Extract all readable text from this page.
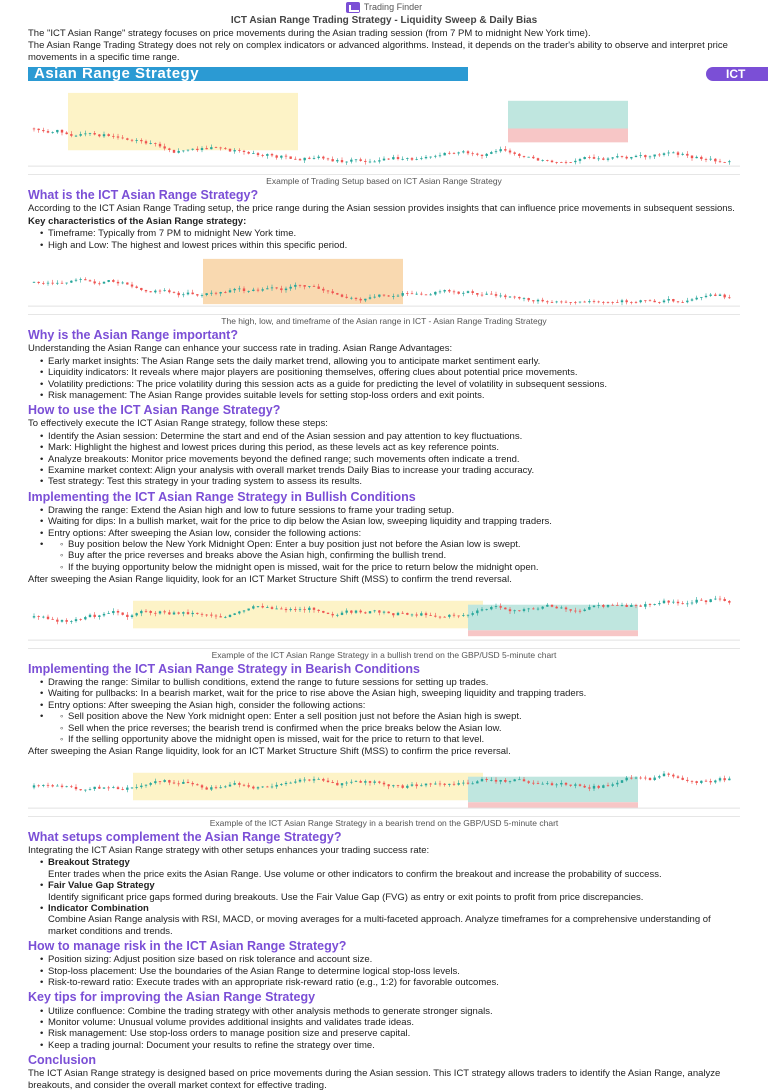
Trading Finder
ICT Asian Range Trading Strategy - Liquidity Sweep & Daily Bias

The "ICT Asian Range" strategy focuses on price movements during the Asian trading session (from 7 PM to midnight New York time).

The Asian Range Trading Strategy does not rely on complex indicators or advanced algorithms. Instead, it depends on the trader's ability to observe and interpret price movements in a specific time range.

Asian Range Strategy	ICT
Example of Trading Setup based on ICT Asian Range Strategy
What is the ICT Asian Range Strategy?

According to the ICT Asian Range Trading setup, the price range during the Asian session provides insights that can influence price movements in subsequent sessions.

Key characteristics of the Asian Range strategy:

• Timeframe: Typically from 7 PM to midnight New York time.
• High and Low: The highest and lowest prices within this specific period.
The high, low, and timeframe of the Asian range in ICT - Asian Range Trading Strategy
Why is the Asian Range important?

Understanding the Asian Range can enhance your success rate in trading. Asian Range Advantages:

• Early market insights: The Asian Range sets the daily market trend, allowing you to anticipate market sentiment early.
• Liquidity indicators: It reveals where major players are positioning themselves, offering clues about potential price movements.
• Volatility predictions: The price volatility during this session acts as a guide for predicting the level of volatility in subsequent sessions.
• Risk management: The Asian Range provides suitable levels for setting stop-loss orders and exit points.
How to use the ICT Asian Range Strategy?

To effectively execute the ICT Asian Range strategy, follow these steps:

• Identify the Asian session: Determine the start and end of the Asian session and pay attention to key fluctuations.
• Mark: Highlight the highest and lowest prices during this period, as these levels act as key reference points.
• Analyze breakouts: Monitor price movements beyond the defined range; such movements often indicate a trend.
• Examine market context: Align your analysis with overall market trends Daily Bias to increase your trading accuracy.
• Test strategy: Test this strategy in your trading system to assess its results.
Implementing the ICT Asian Range Strategy in Bullish Conditions
• Drawing the range: Extend the Asian high and low to future sessions to frame your trading setup.
• Waiting for dips: In a bullish market, wait for the price to dip below the Asian low, sweeping liquidity and trapping traders.
• Entry options: After sweeping the Asian low, consider the following actions:
◦ • Buy position below the New York Midnight Open: Enter a buy position just not before the Asian low is swept.
◦ Buy after the price reverses and breaks above the Asian high, confirming the bullish trend.
◦ If the buying opportunity below the midnight open is missed, wait for the price to return below the midnight open.

After sweeping the Asian Range liquidity, look for an ICT Market Structure Shift (MSS) to confirm the trend reversal.

Example of the ICT Asian Range Strategy in a bullish trend on the GBP/USD 5-minute chart
Implementing the ICT Asian Range Strategy in Bearish Conditions
• Drawing the range: Similar to bullish conditions, extend the range to future sessions for setting up trades.
• Waiting for pullbacks: In a bearish market, wait for the price to rise above the Asian high, sweeping liquidity and trapping traders.
• Entry options: After sweeping the Asian high, consider the following actions:
◦ • Sell position above the New York midnight open: Enter a sell position just not before the Asian high is swept.
◦ Sell when the price reverses; the bearish trend is confirmed when the price breaks below the Asian low.
◦ If the selling opportunity above the midnight open is missed, wait for the price to return to that level.

After sweeping the Asian Range liquidity, look for an ICT Market Structure Shift (MSS) to confirm the price reversal.

Example of the ICT Asian Range Strategy in a bearish trend on the GBP/USD 5-minute chart
What setups complement the Asian Range Strategy?

Integrating the ICT Asian Range strategy with other setups enhances your trading success rate:

• Breakout Strategy
Enter trades when the price exits the Asian Range. Use volume or other indicators to confirm the breakout and increase the probability of success.
• Fair Value Gap Strategy
Identify significant price gaps formed during breakouts. Use the Fair Value Gap (FVG) as entry or exit points to profit from price discrepancies.
• Indicator Combination
Combine Asian Range analysis with RSI, MACD, or moving averages for a multi-faceted approach. Analyze timeframes for a comprehensive understanding of market conditions and trends.
How to manage risk in the ICT Asian Range Strategy?
• Position sizing: Adjust position size based on risk tolerance and account size.
• Stop-loss placement: Use the boundaries of the Asian Range to determine logical stop-loss levels.
• Risk-to-reward ratio: Execute trades with an appropriate risk-reward ratio (e.g., 1:2) for favorable outcomes.
Key tips for improving the Asian Range Strategy
• Utilize confluence: Combine the trading strategy with other analysis methods to generate stronger signals.
• Monitor volume: Unusual volume provides additional insights and validates trade ideas.
• Risk management: Use stop-loss orders to manage position size and preserve capital.
• Keep a trading journal: Document your results to refine the strategy over time.
Conclusion

The ICT Asian Range strategy is designed based on price movements during the Asian session. This ICT strategy allows traders to identify the Asian Range, analyze breakouts, and consider the overall market context for effective trading.
